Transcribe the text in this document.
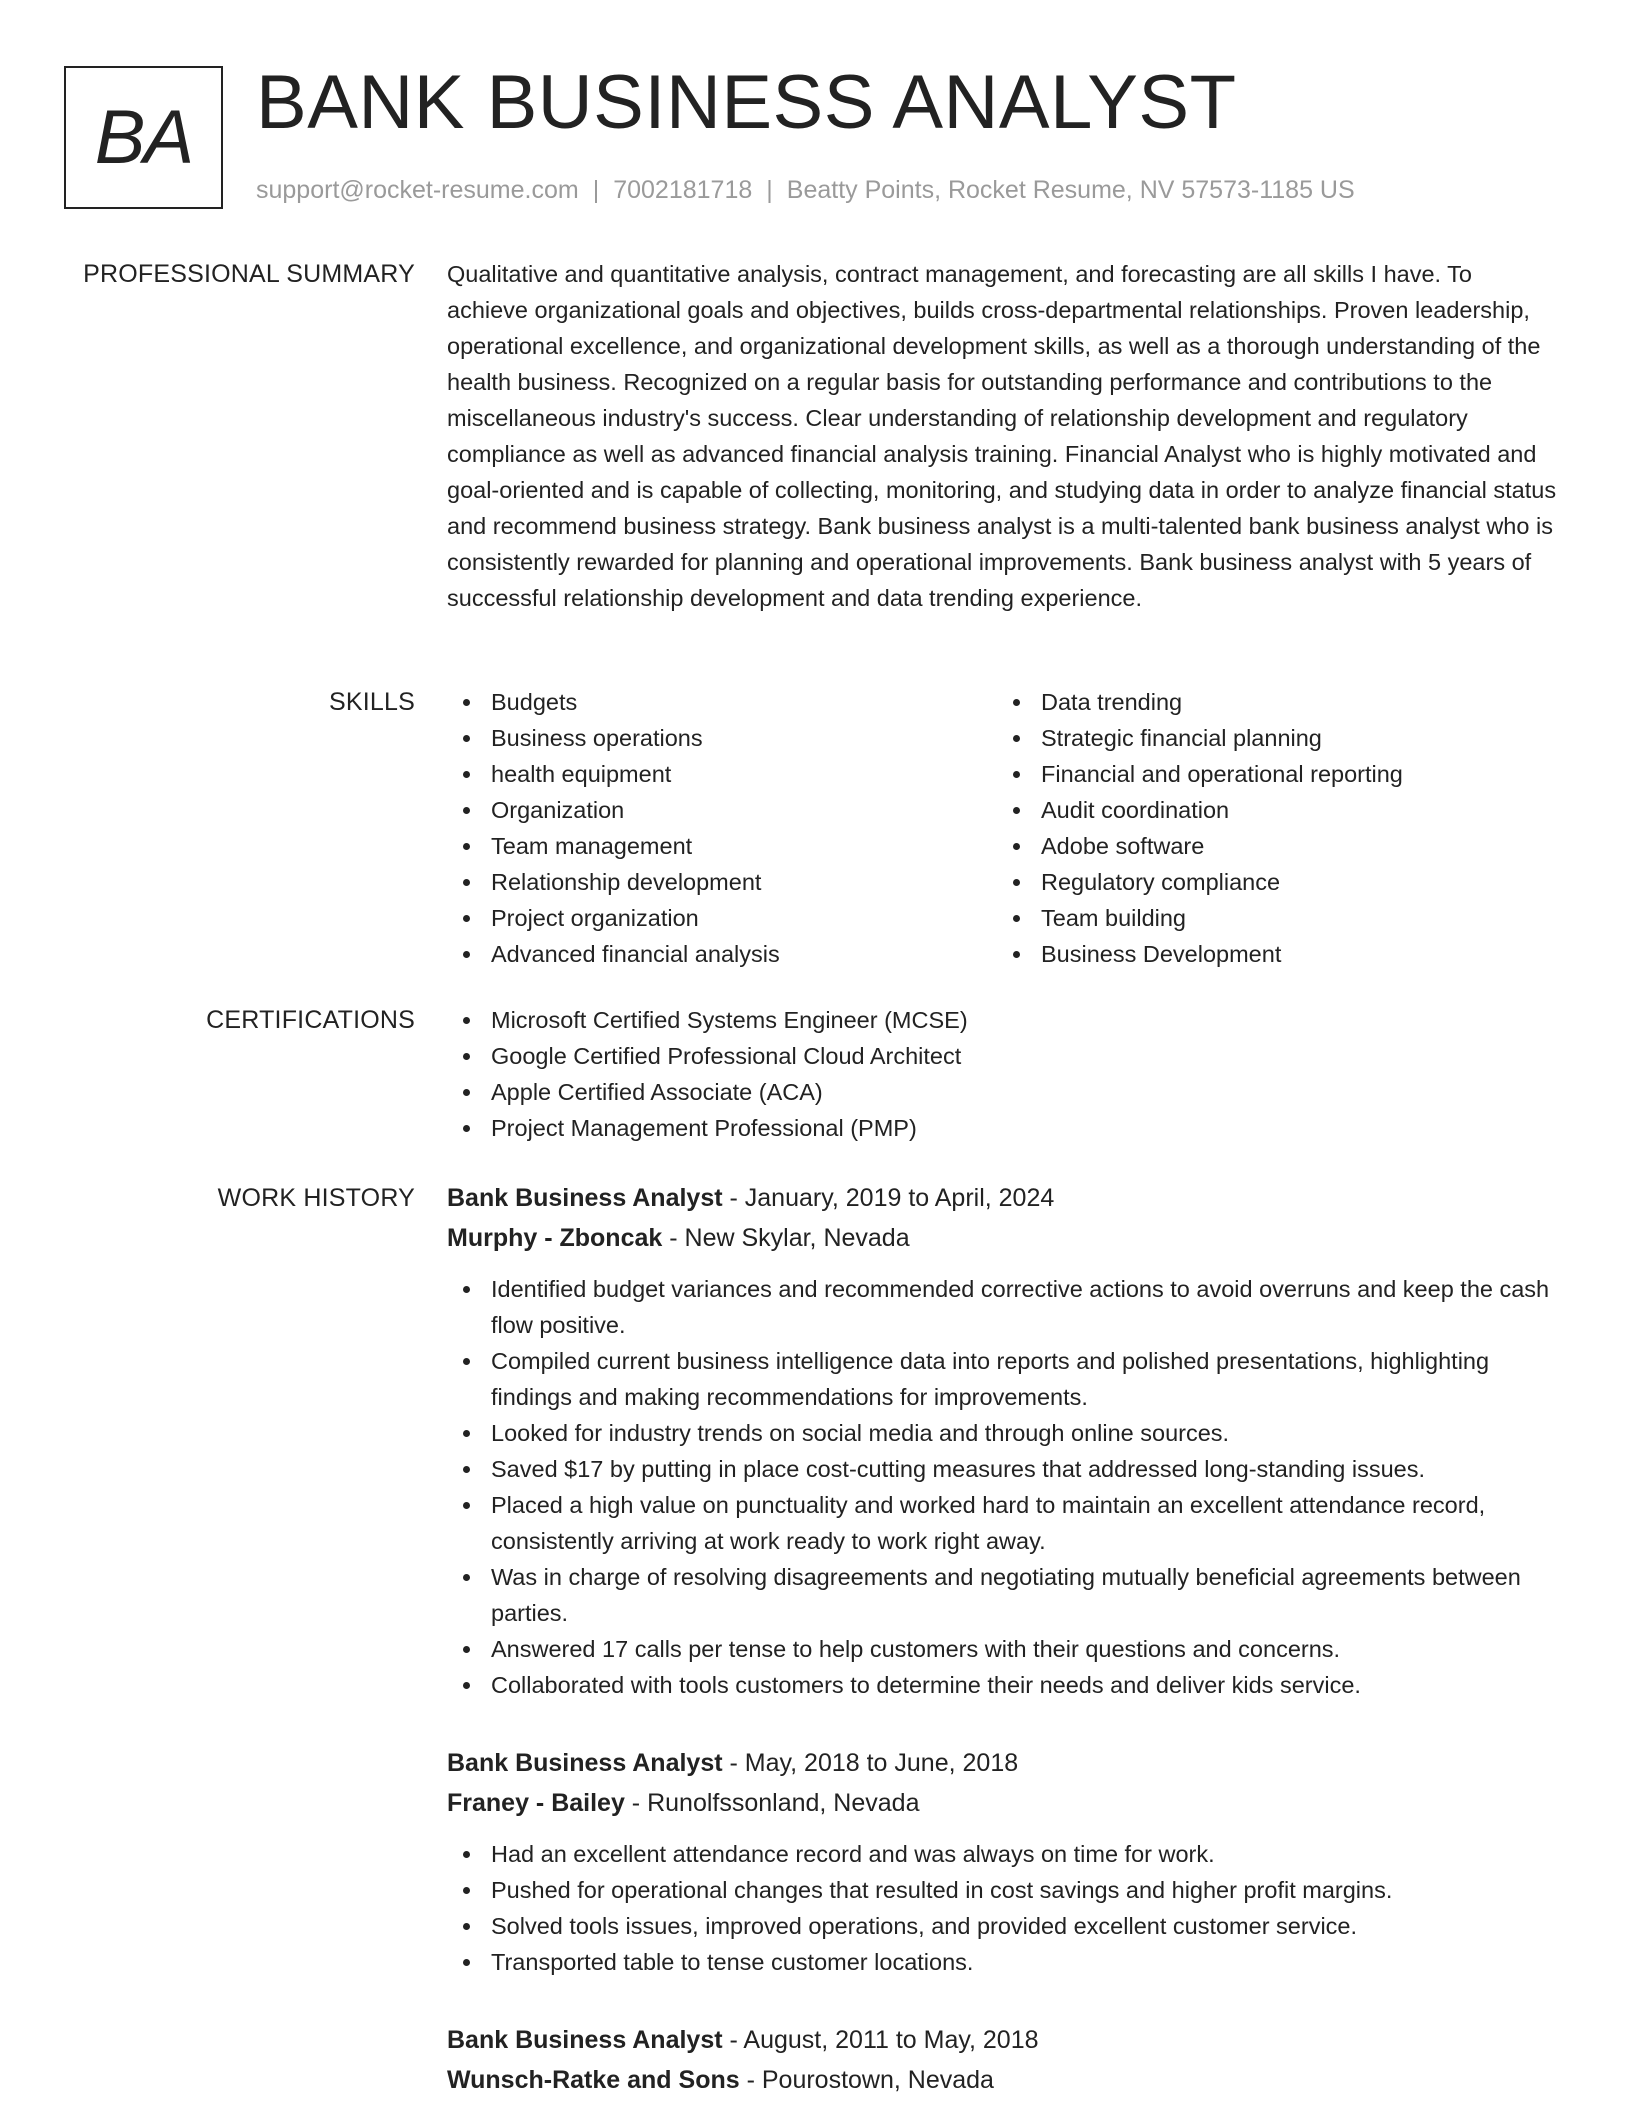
BA BANK BUSINESS ANALYST
support@rocket-resume.com | 7002181718 | Beatty Points, Rocket Resume, NV 57573-1185 US
PROFESSIONAL SUMMARY Qualitative and quantitative analysis, contract management, and forecasting are all skills I have. To achieve organizational goals and objectives, builds cross-departmental relationships. Proven leadership, operational excellence, and organizational development skills, as well as a thorough understanding of the health business. Recognized on a regular basis for outstanding performance and contributions to the miscellaneous industry's success. Clear understanding of relationship development and regulatory compliance as well as advanced financial analysis training. Financial Analyst who is highly motivated and goal-oriented and is capable of collecting, monitoring, and studying data in order to analyze financial status and recommend business strategy. Bank business analyst is a multi-talented bank business analyst who is consistently rewarded for planning and operational improvements. Bank business analyst with 5 years of successful relationship development and data trending experience.
SKILLS	Budgets
Business operations
health equipment
Organization
Team management
Relationship development
Project organization
Advanced financial analysis
Data trending
Strategic financial planning
Financial and operational reporting
Audit coordination
Adobe software
Regulatory compliance
Team building
Business Development
CERTIFICATIONS	Microsoft Certified Systems Engineer (MCSE)
Google Certified Professional Cloud Architect
Apple Certified Associate (ACA)
Project Management Professional (PMP)
WORK HISTORY Bank Business Analyst - January, 2019 to April, 2024
Murphy - Zboncak - New Skylar, Nevada
Identified budget variances and recommended corrective actions to avoid overruns and keep the cash flow positive.
Compiled current business intelligence data into reports and polished presentations, highlighting findings and making recommendations for improvements.
Looked for industry trends on social media and through online sources.
Saved $17 by putting in place cost-cutting measures that addressed long-standing issues.
Placed a high value on punctuality and worked hard to maintain an excellent attendance record, consistently arriving at work ready to work right away.
Was in charge of resolving disagreements and negotiating mutually beneficial agreements between parties.
Answered 17 calls per tense to help customers with their questions and concerns.
Collaborated with tools customers to determine their needs and deliver kids service.
Bank Business Analyst - May, 2018 to June, 2018
Franey - Bailey - Runolfssonland, Nevada
Had an excellent attendance record and was always on time for work.
Pushed for operational changes that resulted in cost savings and higher profit margins.
Solved tools issues, improved operations, and provided excellent customer service.
Transported table to tense customer locations.
Bank Business Analyst - August, 2011 to May, 2018
Wunsch-Ratke and Sons - Pourostown, Nevada
